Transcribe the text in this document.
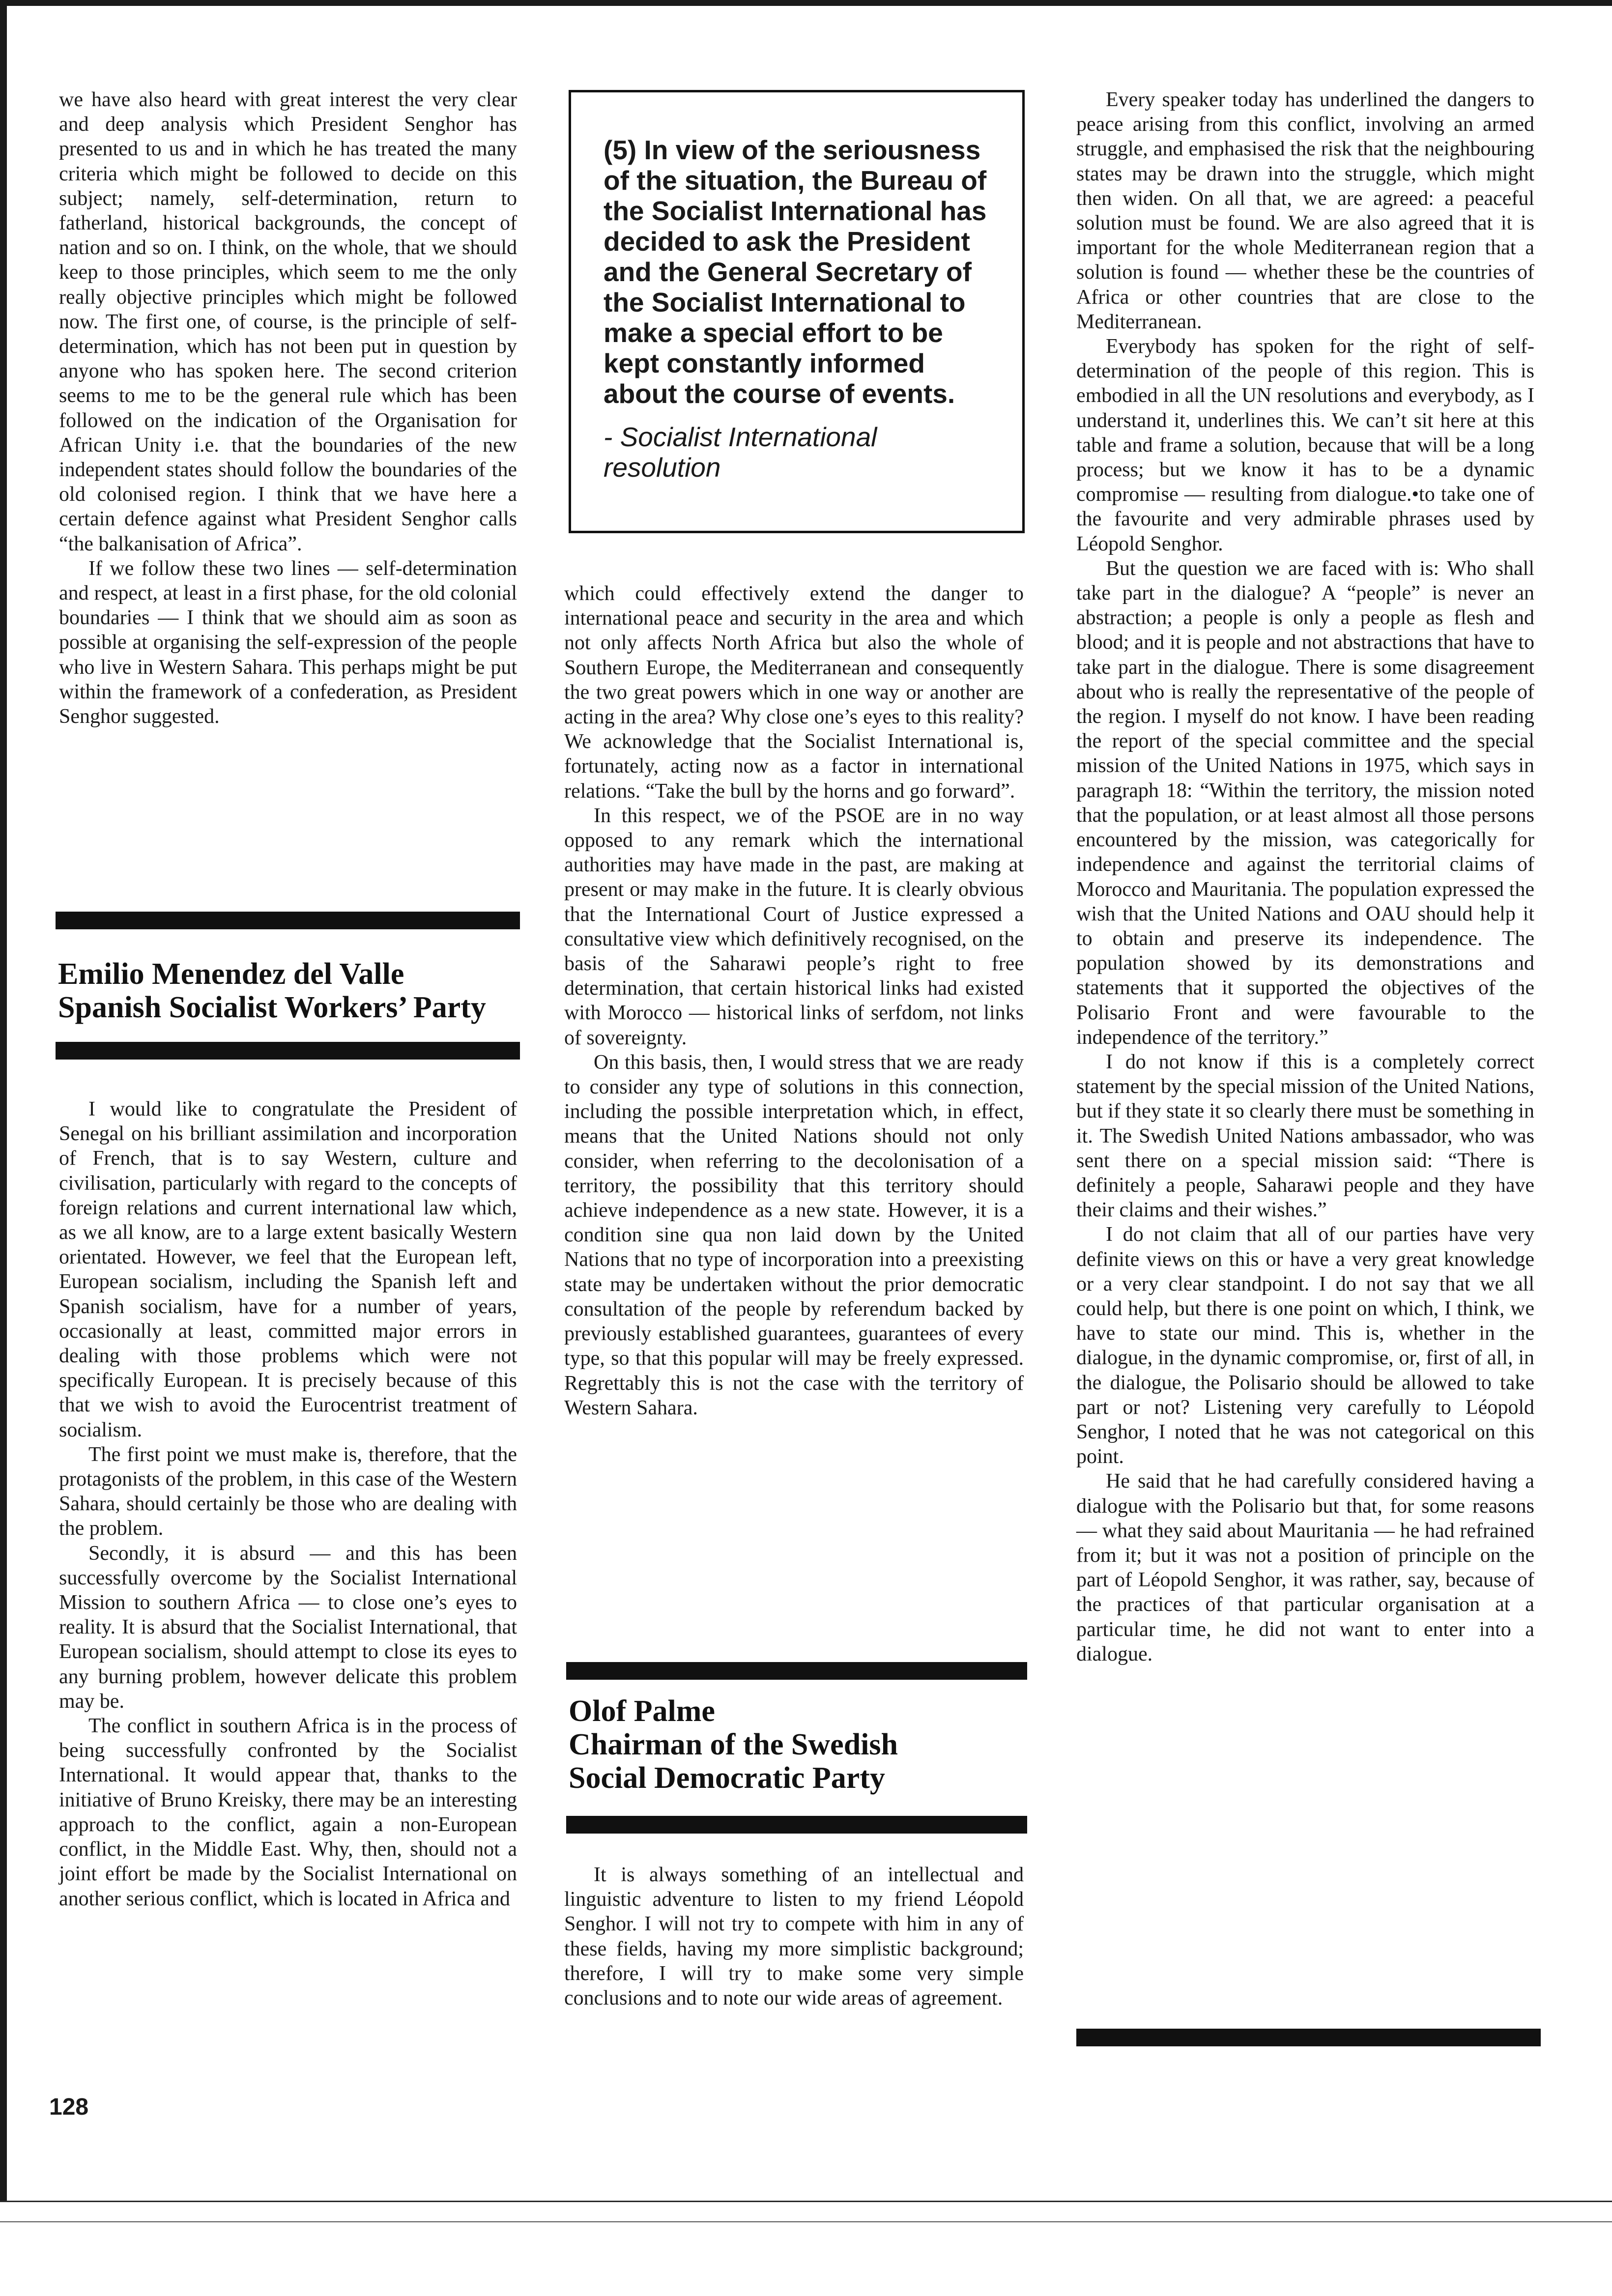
we have also heard with great interest the very clear and deep analysis which President Senghor has presented to us and in which he has treated the many criteria which might be followed to decide on this subject; namely, self-determination, return to fatherland, historical backgrounds, the concept of nation and so on. I think, on the whole, that we should keep to those principles, which seem to me the only really objective principles which might be followed now. The first one, of course, is the principle of self-determination, which has not been put in question by anyone who has spoken here. The second criterion seems to me to be the general rule which has been followed on the indication of the Organisation for African Unity i.e. that the boundaries of the new independent states should follow the boundaries of the old colonised region. I think that we have here a certain defence against what President Senghor calls “the balkanisation of Africa”.

If we follow these two lines — self-determination and respect, at least in a first phase, for the old colonial boundaries — I think that we should aim as soon as possible at organising the self-expression of the people who live in Western Sahara. This perhaps might be put within the framework of a confederation, as President Senghor suggested.

Emilio Menendez del Valle
Spanish Socialist Workers’ Party

I would like to congratulate the President of Senegal on his brilliant assimilation and incorporation of French, that is to say Western, culture and civilisation, particularly with regard to the concepts of foreign relations and current international law which, as we all know, are to a large extent basically Western orientated. However, we feel that the European left, European socialism, including the Spanish left and Spanish socialism, have for a number of years, occasionally at least, committed major errors in dealing with those problems which were not specifically European. It is precisely because of this that we wish to avoid the Eurocentrist treatment of socialism.

The first point we must make is, therefore, that the protagonists of the problem, in this case of the Western Sahara, should certainly be those who are dealing with the problem.

Secondly, it is absurd — and this has been successfully overcome by the Socialist International Mission to southern Africa — to close one’s eyes to reality. It is absurd that the Socialist International, that European socialism, should attempt to close its eyes to any burning problem, however delicate this problem may be.

The conflict in southern Africa is in the process of being successfully confronted by the Socialist International. It would appear that, thanks to the initiative of Bruno Kreisky, there may be an interesting approach to the conflict, again a non-European conflict, in the Middle East. Why, then, should not a joint effort be made by the Socialist International on another serious conflict, which is located in Africa and

(5) In view of the seriousness of the situation, the Bureau of the Socialist International has decided to ask the President and the General Secretary of the Socialist International to make a special effort to be kept constantly informed about the course of events.

- Socialist International resolution

which could effectively extend the danger to international peace and security in the area and which not only affects North Africa but also the whole of Southern Europe, the Mediterranean and consequently the two great powers which in one way or another are acting in the area? Why close one’s eyes to this reality? We acknowledge that the Socialist International is, fortunately, acting now as a factor in international relations. “Take the bull by the horns and go forward”.

In this respect, we of the PSOE are in no way opposed to any remark which the international authorities may have made in the past, are making at present or may make in the future. It is clearly obvious that the International Court of Justice expressed a consultative view which definitively recognised, on the basis of the Saharawi people’s right to free determination, that certain historical links had existed with Morocco — historical links of serfdom, not links of sovereignty.

On this basis, then, I would stress that we are ready to consider any type of solutions in this connection, including the possible interpretation which, in effect, means that the United Nations should not only consider, when referring to the decolonisation of a territory, the possibility that this territory should achieve independence as a new state. However, it is a condition sine qua non laid down by the United Nations that no type of incorporation into a preexisting state may be undertaken without the prior democratic consultation of the people by referendum backed by previously established guarantees, guarantees of every type, so that this popular will may be freely expressed. Regrettably this is not the case with the territory of Western Sahara.

Olof Palme
Chairman of the Swedish
Social Democratic Party

It is always something of an intellectual and linguistic adventure to listen to my friend Léopold Senghor. I will not try to compete with him in any of these fields, having my more simplistic background; therefore, I will try to make some very simple conclusions and to note our wide areas of agreement.

Every speaker today has underlined the dangers to peace arising from this conflict, involving an armed struggle, and emphasised the risk that the neighbouring states may be drawn into the struggle, which might then widen. On all that, we are agreed: a peaceful solution must be found. We are also agreed that it is important for the whole Mediterranean region that a solution is found — whether these be the countries of Africa or other countries that are close to the Mediterranean.

Everybody has spoken for the right of self-determination of the people of this region. This is embodied in all the UN resolutions and everybody, as I understand it, underlines this. We can’t sit here at this table and frame a solution, because that will be a long process; but we know it has to be a dynamic compromise — resulting from dialogue.•to take one of the favourite and very admirable phrases used by Léopold Senghor.

But the question we are faced with is: Who shall take part in the dialogue? A “people” is never an abstraction; a people is only a people as flesh and blood; and it is people and not abstractions that have to take part in the dialogue. There is some disagreement about who is really the representative of the people of the region. I myself do not know. I have been reading the report of the special committee and the special mission of the United Nations in 1975, which says in paragraph 18: “Within the territory, the mission noted that the population, or at least almost all those persons encountered by the mission, was categorically for independence and against the territorial claims of Morocco and Mauritania. The population expressed the wish that the United Nations and OAU should help it to obtain and preserve its independence. The population showed by its demonstrations and statements that it supported the objectives of the Polisario Front and were favourable to the independence of the territory.”

I do not know if this is a completely correct statement by the special mission of the United Nations, but if they state it so clearly there must be something in it. The Swedish United Nations ambassador, who was sent there on a special mission said: “There is definitely a people, Saharawi people and they have their claims and their wishes.”

I do not claim that all of our parties have very definite views on this or have a very great knowledge or a very clear standpoint. I do not say that we all could help, but there is one point on which, I think, we have to state our mind. This is, whether in the dialogue, in the dynamic compromise, or, first of all, in the dialogue, the Polisario should be allowed to take part or not? Listening very carefully to Léopold Senghor, I noted that he was not categorical on this point.

He said that he had carefully considered having a dialogue with the Polisario but that, for some reasons — what they said about Mauritania — he had refrained from it; but it was not a position of principle on the part of Léopold Senghor, it was rather, say, because of the practices of that particular organisation at a particular time, he did not want to enter into a dialogue.

128
